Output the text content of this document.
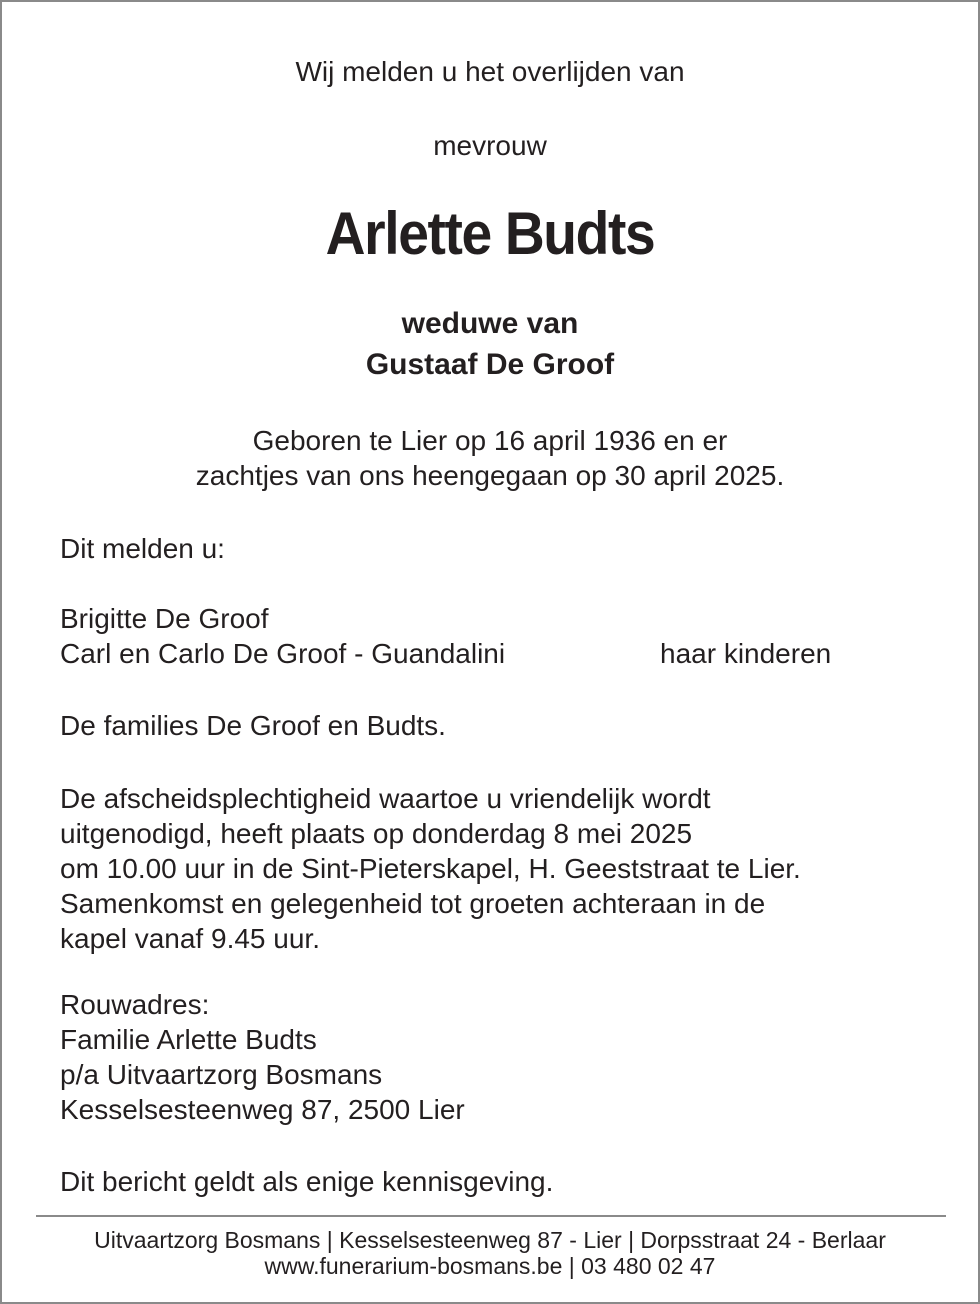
Wij melden u het overlijden van
mevrouw
Arlette Budts
weduwe van
Gustaaf De Groof
Geboren te Lier op 16 april 1936 en er
zachtjes van ons heengegaan op 30 april 2025.
Dit melden u:
Brigitte De Groof
Carl en Carlo De Groof - Guandalini	haar kinderen
De families De Groof en Budts.
De afscheidsplechtigheid waartoe u vriendelijk wordt
uitgenodigd, heeft plaats op donderdag 8 mei 2025
om 10.00 uur in de Sint-Pieterskapel, H. Geeststraat te Lier.
Samenkomst en gelegenheid tot groeten achteraan in de
kapel vanaf 9.45 uur.
Rouwadres:
Familie Arlette Budts
p/a Uitvaartzorg Bosmans
Kesselsesteenweg 87, 2500 Lier
Dit bericht geldt als enige kennisgeving.
Uitvaartzorg Bosmans | Kesselsesteenweg 87 - Lier | Dorpsstraat 24 - Berlaar
www.funerarium-bosmans.be | 03 480 02 47
